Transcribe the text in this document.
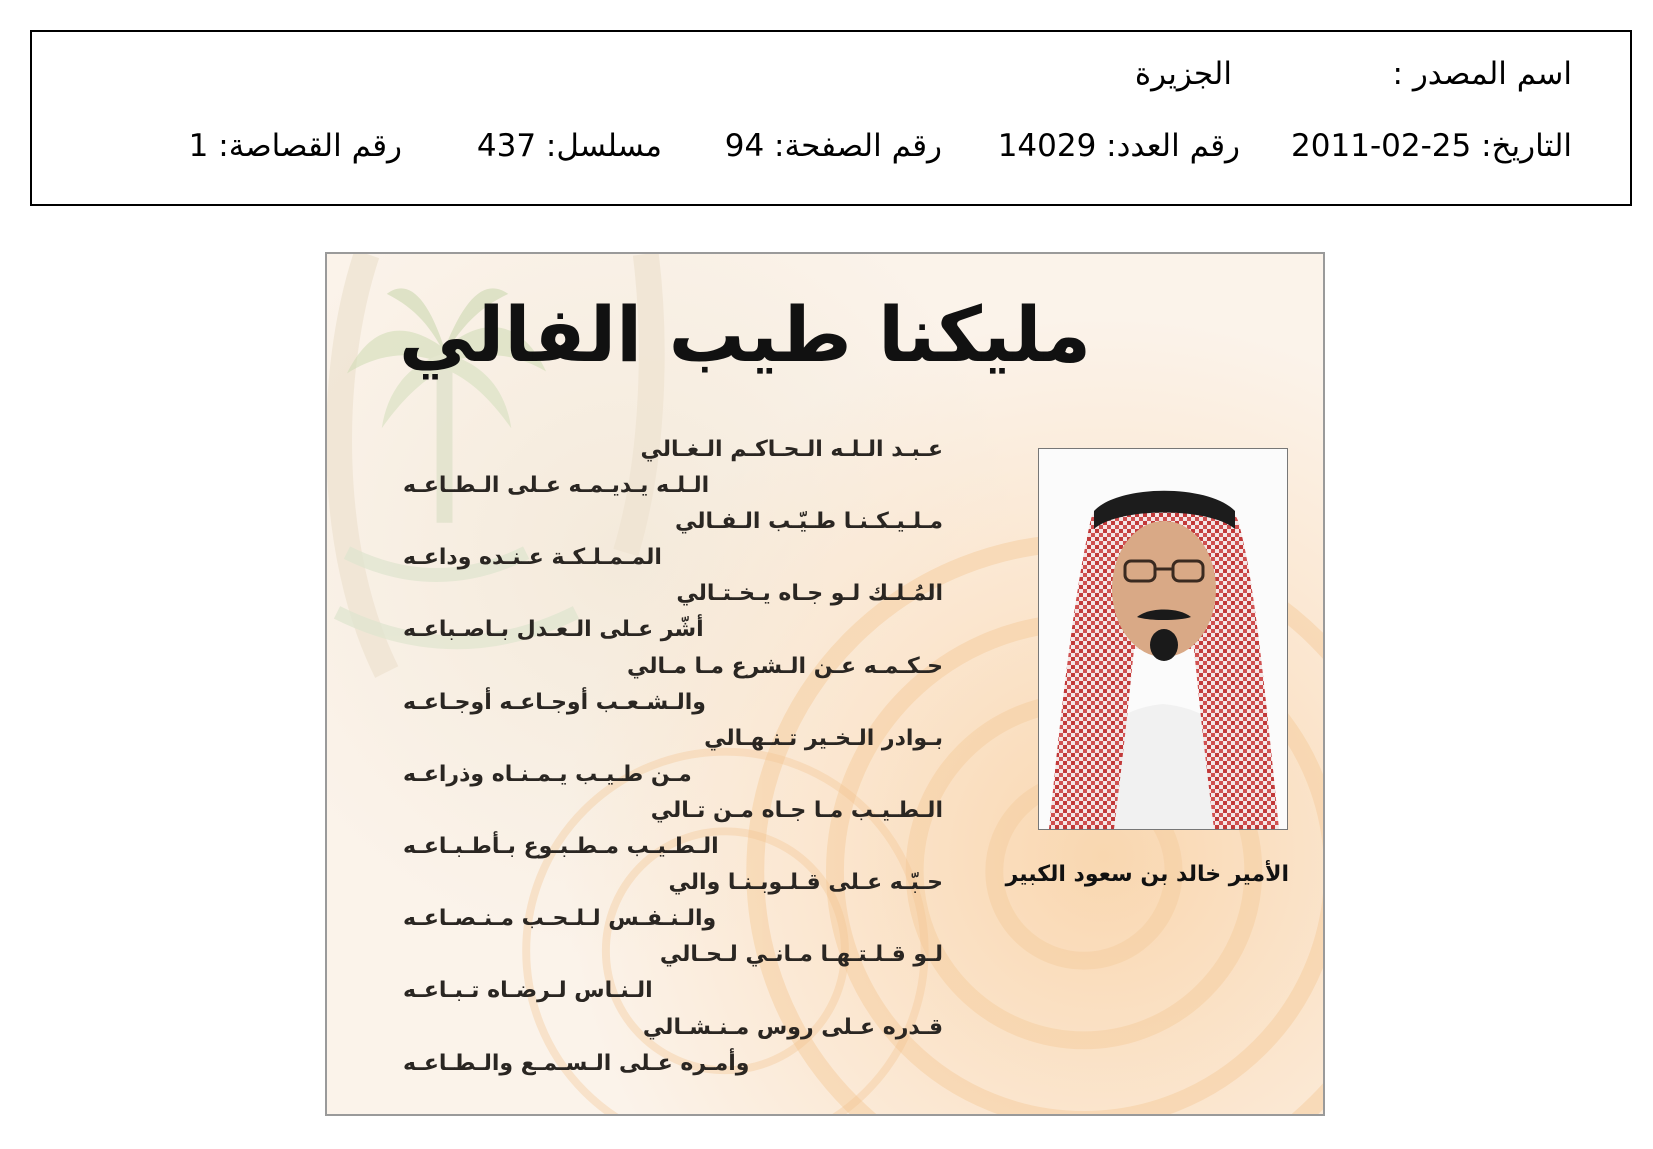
اسم المصدر :
الجزيرة
التاريخ: 25-02-2011
رقم العدد: 14029
رقم الصفحة: 94
مسلسل: 437
رقم القصاصة: 1
مليكنا طيب الفالي
عـبـد الـلـه الـحـاكـم الـغـالي
الـلـه يـديـمـه عـلى الـطـاعـه
مـلـيـكـنـا طـيّـب الـفـالي
المـمـلـكـة عـنـده وداعـه
المُـلـك لـو جـاه يـخـتـالي
أشّر عـلى الـعـدل بـاصـباعـه
حـكـمـه عـن الـشرع مـا مـالي
والـشـعـب أوجـاعـه أوجـاعـه
بـوادر الـخـير تـنـهـالي
مـن طـيـب يـمـنـاه وذراعـه
الـطـيـب مـا جـاه مـن تـالي
الـطـيـب مـطـبـوع بـأطـبـاعـه
حـبّـه عـلى قـلـوبـنـا والي
والـنـفـس لـلـحـب مـنـصـاعـه
لـو قـلـتـهـا مـانـي لـحـالي
الـنـاس لـرضـاه تـبـاعـه
قـدره عـلى روس مـنـشـالي
وأمـره عـلى الـسـمـع والـطـاعـه

الأمير خالد بن سعود الكبير
